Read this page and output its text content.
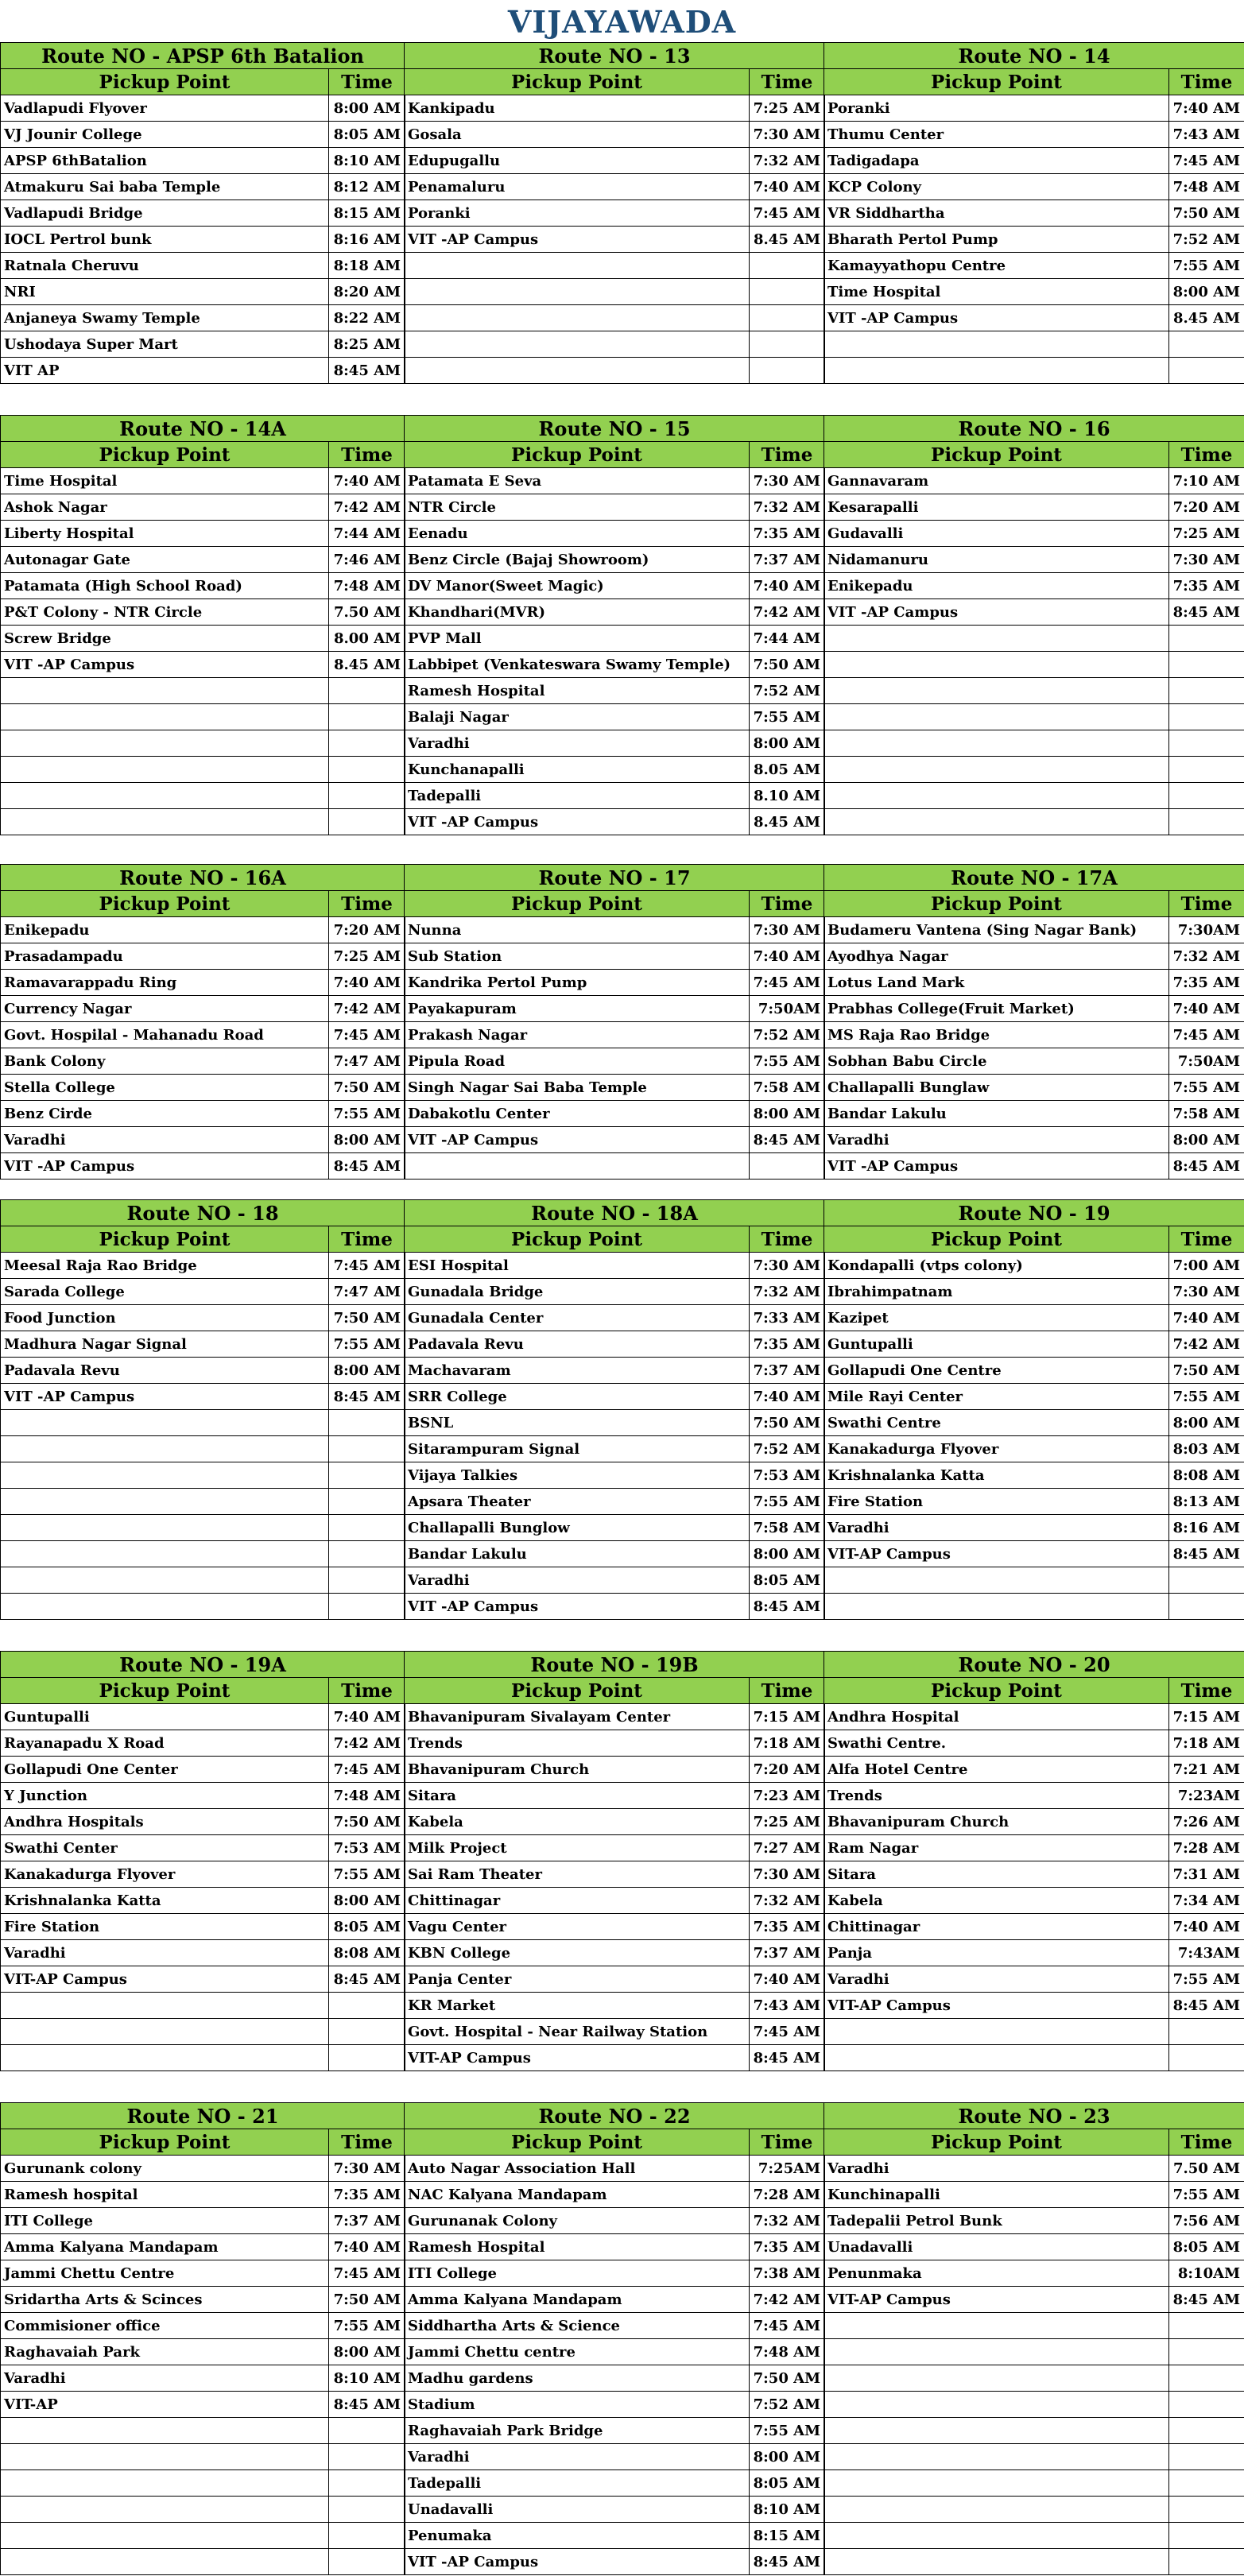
VIJAYAWADA
Route NO - APSP 6th Batalion	
Pickup Point	Time
Vadlapudi Flyover	8:00 AM
VJ Jounir College	8:05 AM
APSP 6thBatalion	8:10 AM
Atmakuru Sai baba Temple	8:12 AM
Vadlapudi Bridge	8:15 AM
IOCL Pertrol bunk	8:16 AM
Ratnala Cheruvu	8:18 AM
NRI	8:20 AM
Anjaneya Swamy Temple	8:22 AM
Ushodaya Super Mart	8:25 AM
VIT AP	8:45 AM
Route NO - 13	
Pickup Point	Time
Kankipadu	7:25 AM
Gosala	7:30 AM
Edupugallu	7:32 AM
Penamaluru	7:40 AM
Poranki	7:45 AM
VIT -AP Campus	8.45 AM

Route NO - 14	
Pickup Point	Time
Poranki	7:40 AM
Thumu Center	7:43 AM
Tadigadapa	7:45 AM
KCP Colony	7:48 AM
VR Siddhartha	7:50 AM
Bharath Pertol Pump	7:52 AM
Kamayyathopu Centre	7:55 AM
Time Hospital	8:00 AM
VIT -AP Campus	8.45 AM

Route NO - 14A	
Pickup Point	Time
Time Hospital	7:40 AM
Ashok Nagar	7:42 AM
Liberty Hospital	7:44 AM
Autonagar Gate	7:46 AM
Patamata (High School Road)	7:48 AM
P&T Colony - NTR Circle	7.50 AM
Screw Bridge	8.00 AM
VIT -AP Campus	8.45 AM

Route NO - 15	
Pickup Point	Time
Patamata E Seva	7:30 AM
NTR Circle	7:32 AM
Eenadu	7:35 AM
Benz Circle (Bajaj Showroom)	7:37 AM
DV Manor(Sweet Magic)	7:40 AM
Khandhari(MVR)	7:42 AM
PVP Mall	7:44 AM
Labbipet (Venkateswara Swamy Temple)	7:50 AM
Ramesh Hospital	7:52 AM
Balaji Nagar	7:55 AM
Varadhi	8:00 AM
Kunchanapalli	8.05 AM
Tadepalli	8.10 AM
VIT -AP Campus	8.45 AM
Route NO - 16	
Pickup Point	Time
Gannavaram	7:10 AM
Kesarapalli	7:20 AM
Gudavalli	7:25 AM
Nidamanuru	7:30 AM
Enikepadu	7:35 AM
VIT -AP Campus	8:45 AM

Route NO - 16A	
Pickup Point	Time
Enikepadu	7:20 AM
Prasadampadu	7:25 AM
Ramavarappadu Ring	7:40 AM
Currency Nagar	7:42 AM
Govt. Hospilal - Mahanadu Road	7:45 AM
Bank Colony	7:47 AM
Stella College	7:50 AM
Benz Cirde	7:55 AM
Varadhi	8:00 AM
VIT -AP Campus	8:45 AM
Route NO - 17	
Pickup Point	Time
Nunna	7:30 AM
Sub Station	7:40 AM
Kandrika Pertol Pump	7:45 AM
Payakapuram	7:50AM
Prakash Nagar	7:52 AM
Pipula Road	7:55 AM
Singh Nagar Sai Baba Temple	7:58 AM
Dabakotlu Center	8:00 AM
VIT -AP Campus	8:45 AM

Route NO - 17A	
Pickup Point	Time
Budameru Vantena (Sing Nagar Bank)	7:30AM
Ayodhya Nagar	7:32 AM
Lotus Land Mark	7:35 AM
Prabhas College(Fruit Market)	7:40 AM
MS Raja Rao Bridge	7:45 AM
Sobhan Babu Circle	7:50AM
Challapalli Bunglaw	7:55 AM
Bandar Lakulu	7:58 AM
Varadhi	8:00 AM
VIT -AP Campus	8:45 AM
Route NO - 18	
Pickup Point	Time
Meesal Raja Rao Bridge	7:45 AM
Sarada College	7:47 AM
Food Junction	7:50 AM
Madhura Nagar Signal	7:55 AM
Padavala Revu	8:00 AM
VIT -AP Campus	8:45 AM

Route NO - 18A	
Pickup Point	Time
ESI Hospital	7:30 AM
Gunadala Bridge	7:32 AM
Gunadala Center	7:33 AM
Padavala Revu	7:35 AM
Machavaram	7:37 AM
SRR College	7:40 AM
BSNL	7:50 AM
Sitarampuram Signal	7:52 AM
Vijaya Talkies	7:53 AM
Apsara Theater	7:55 AM
Challapalli Bunglow	7:58 AM
Bandar Lakulu	8:00 AM
Varadhi	8:05 AM
VIT -AP Campus	8:45 AM
Route NO - 19	
Pickup Point	Time
Kondapalli (vtps colony)	7:00 AM
Ibrahimpatnam	7:30 AM
Kazipet	7:40 AM
Guntupalli	7:42 AM
Gollapudi One Centre	7:50 AM
Mile Rayi Center	7:55 AM
Swathi Centre	8:00 AM
Kanakadurga Flyover	8:03 AM
Krishnalanka Katta	8:08 AM
Fire Station	8:13 AM
Varadhi	8:16 AM
VIT-AP Campus	8:45 AM

Route NO - 19A	
Pickup Point	Time
Guntupalli	7:40 AM
Rayanapadu X Road	7:42 AM
Gollapudi One Center	7:45 AM
Y Junction	7:48 AM
Andhra Hospitals	7:50 AM
Swathi Center	7:53 AM
Kanakadurga Flyover	7:55 AM
Krishnalanka Katta	8:00 AM
Fire Station	8:05 AM
Varadhi	8:08 AM
VIT-AP Campus	8:45 AM

Route NO - 19B	
Pickup Point	Time
Bhavanipuram Sivalayam Center	7:15 AM
Trends	7:18 AM
Bhavanipuram Church	7:20 AM
Sitara	7:23 AM
Kabela	7:25 AM
Milk Project	7:27 AM
Sai Ram Theater	7:30 AM
Chittinagar	7:32 AM
Vagu Center	7:35 AM
KBN College	7:37 AM
Panja Center	7:40 AM
KR Market	7:43 AM
Govt. Hospital - Near Railway Station	7:45 AM
VIT-AP Campus	8:45 AM
Route NO - 20	
Pickup Point	Time
Andhra Hospital	7:15 AM
Swathi Centre.	7:18 AM
Alfa Hotel Centre	7:21 AM
Trends	7:23AM
Bhavanipuram Church	7:26 AM
Ram Nagar	7:28 AM
Sitara	7:31 AM
Kabela	7:34 AM
Chittinagar	7:40 AM
Panja	7:43AM
Varadhi	7:55 AM
VIT-AP Campus	8:45 AM

Route NO - 21	
Pickup Point	Time
Gurunank colony	7:30 AM
Ramesh hospital	7:35 AM
ITI College	7:37 AM
Amma Kalyana Mandapam	7:40 AM
Jammi Chettu Centre	7:45 AM
Sridartha Arts & Scinces	7:50 AM
Commisioner office	7:55 AM
Raghavaiah Park	8:00 AM
Varadhi	8:10 AM
VIT-AP	8:45 AM

Route NO - 22	
Pickup Point	Time
Auto Nagar Association Hall	7:25AM
NAC Kalyana Mandapam	7:28 AM
Gurunanak Colony	7:32 AM
Ramesh Hospital	7:35 AM
ITI College	7:38 AM
Amma Kalyana Mandapam	7:42 AM
Siddhartha Arts & Science	7:45 AM
Jammi Chettu centre	7:48 AM
Madhu gardens	7:50 AM
Stadium	7:52 AM
Raghavaiah Park Bridge	7:55 AM
Varadhi	8:00 AM
Tadepalli	8:05 AM
Unadavalli	8:10 AM
Penumaka	8:15 AM
VIT -AP Campus	8:45 AM
Route NO - 23	
Pickup Point	Time
Varadhi	7.50 AM
Kunchinapalli	7:55 AM
Tadepalii Petrol Bunk	7:56 AM
Unadavalli	8:05 AM
Penunmaka	8:10AM
VIT-AP Campus	8:45 AM
